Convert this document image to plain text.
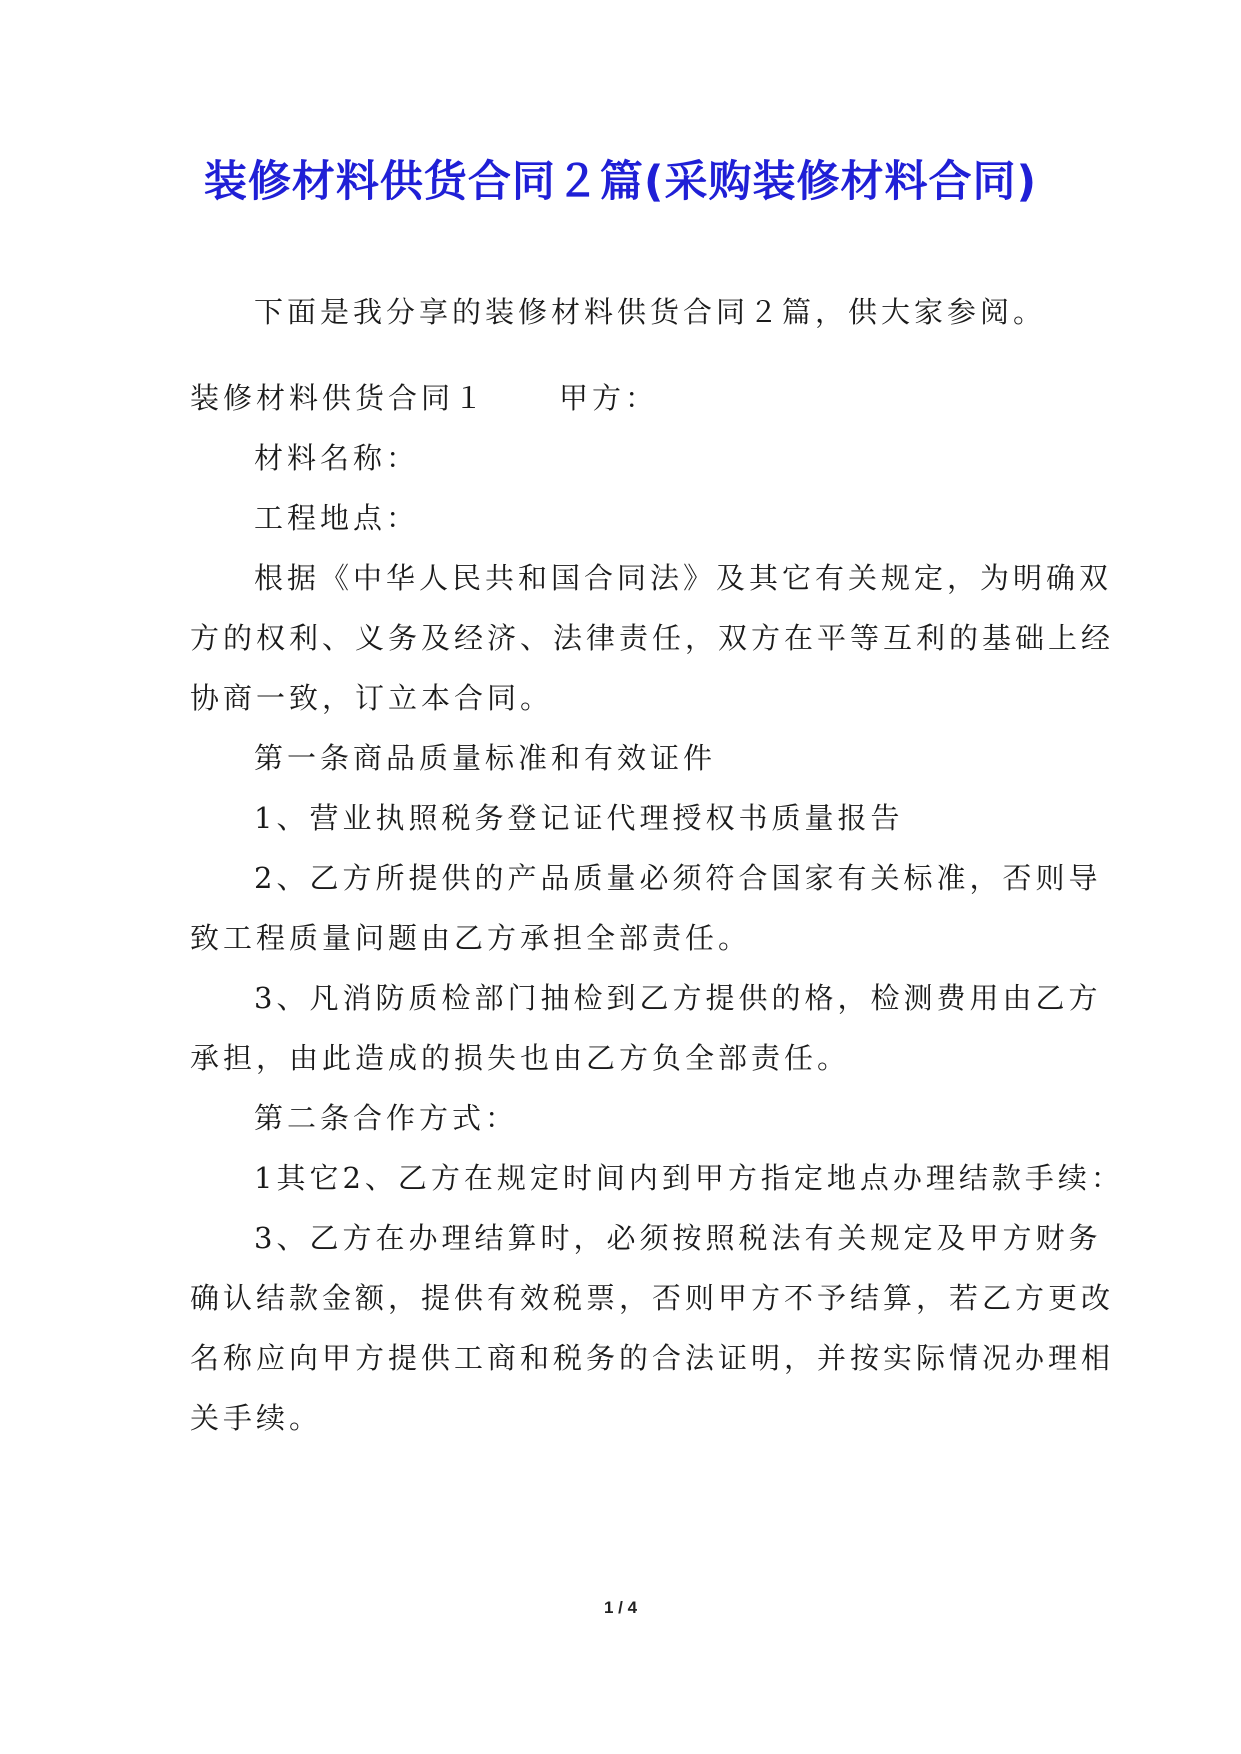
装修材料供货合同２篇(采购装修材料合同)
下面是我分享的装修材料供货合同２篇，供大家参阅。
装修材料供货合同１ 甲方：
材料名称：
工程地点：
根据《中华人民共和国合同法》及其它有关规定，为明确双
方的权利、义务及经济、法律责任，双方在平等互利的基础上经
协商一致，订立本合同。
第一条商品质量标准和有效证件
1、营业执照税务登记证代理授权书质量报告
2、乙方所提供的产品质量必须符合国家有关标准，否则导
致工程质量问题由乙方承担全部责任。
3、凡消防质检部门抽检到乙方提供的格，检测费用由乙方
承担，由此造成的损失也由乙方负全部责任。
第二条合作方式：
1其它2、乙方在规定时间内到甲方指定地点办理结款手续：
3、乙方在办理结算时，必须按照税法有关规定及甲方财务
确认结款金额，提供有效税票，否则甲方不予结算，若乙方更改
名称应向甲方提供工商和税务的合法证明，并按实际情况办理相
关手续。
1 / 4
